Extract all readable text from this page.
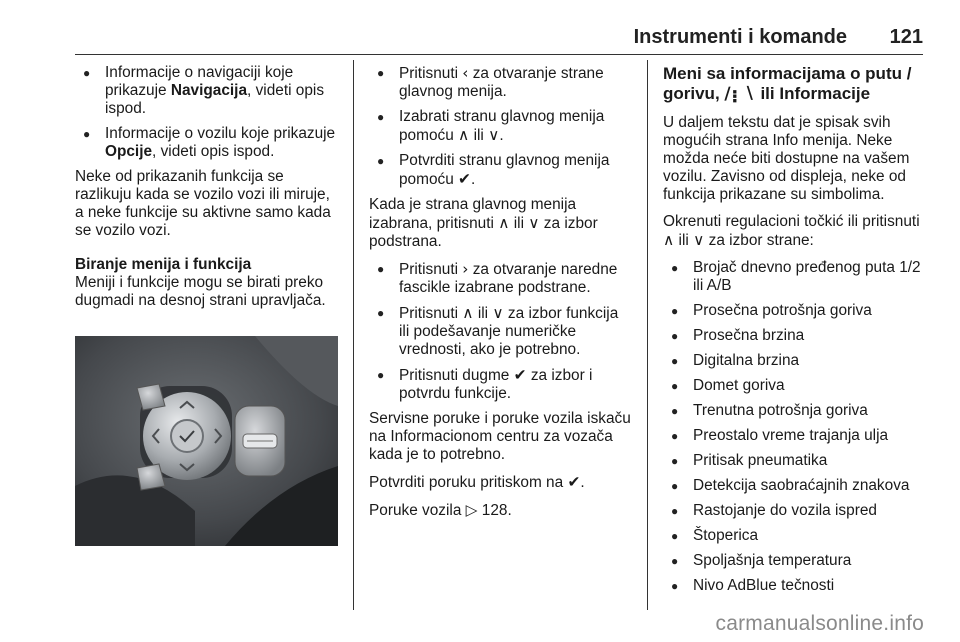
Instrumenti i komande 121
● Informacije o navigaciji koje prikazuje Navigacija, videti opis ispod.
● Informacije o vozilu koje prikazuje Opcije, videti opis ispod.

Neke od prikazanih funkcija se razlikuju kada se vozilo vozi ili miruje, a neke funkcije su aktivne samo kada se vozilo vozi.

Biranje menija i funkcija

Meniji i funkcije mogu se birati preko dugmadi na desnoj strani upravljača.

● Pritisnuti ‹ za otvaranje strane glavnog menija.
● Izabrati stranu glavnog menija pomoću ∧ ili ∨.
● Potvrditi stranu glavnog menija pomoću ✔.

Kada je strana glavnog menija izabrana, pritisnuti ∧ ili ∨ za izbor podstrana.

● Pritisnuti › za otvaranje naredne fascikle izabrane podstrane.
● Pritisnuti ∧ ili ∨ za izbor funkcija ili podešavanje numeričke vrednosti, ako je potrebno.
● Pritisnuti dugme ✔ za izbor i potvrdu funkcije.

Servisne poruke i poruke vozila iskaču na Informacionom centru za vozača kada je to potrebno.

Potvrditi poruku pritiskom na ✔.

Poruke vozila ▷ 128.

Meni sa informacijama o putu / gorivu, ∕⡆∖ ili Informacije

U daljem tekstu dat je spisak svih mogućih strana Info menija. Neke možda neće biti dostupne na vašem vozilu. Zavisno od displeja, neke od funkcija prikazane su simbolima.

Okrenuti regulacioni točkić ili pritisnuti ∧ ili ∨ za izbor strane:

● Brojač dnevno pređenog puta 1/2 ili A/B
● Prosečna potrošnja goriva
● Prosečna brzina
● Digitalna brzina
● Domet goriva
● Trenutna potrošnja goriva
● Preostalo vreme trajanja ulja
● Pritisak pneumatika
● Detekcija saobraćajnih znakova
● Rastojanje do vozila ispred
● Štoperica
● Spoljašnja temperatura
● Nivo AdBlue tečnosti
carmanualsonline.info
